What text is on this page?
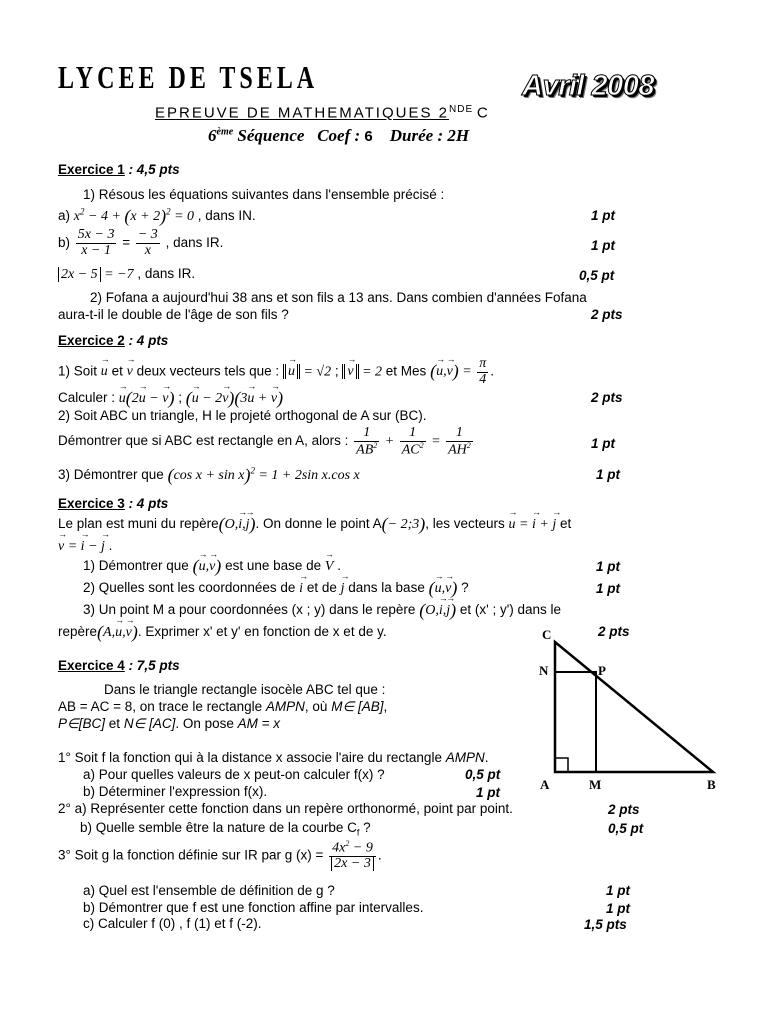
LYCEE DE TSELA	Avril 2008
EPREUVE DE MATHEMATIQUES 2NDE C
6ème Séquence   Coef : 6 Durée : 2H
Exercice 1 : 4,5 pts
1) Résous les équations suivantes dans l'ensemble précisé :
a) $x^2 - 4 + (x + 2)^2 = 0$ , dans IN.	1 pt
$b) \frac{5x - 3}{x - 1} = \frac{- 3}{x}$ , dans IR.	1 pt
2x − 5 = −7 , dans IR.	0,5 pt
2) Fofana a aujourd'hui 38 ans et son fils a 13 ans. Dans combien d'années Fofana
aura-t-il le double de l'âge de son fils ?	2 pts
Exercice 2 : 4 pts
1) Soit → u et → v deux vecteurs tels que : → u = √2 ; → v = 2 et Mes (→ $u,\to v) = \frac{\pi}{4}$ .
Calculer : → u(2→ u − → v) ; (→ u − 2→ v)(3→ u + → v)	2 pts
2) Soit ABC un triangle, H le projeté orthogonal de A sur (BC).
Démontrer que si ABC est rectangle en A, alors : $\frac{1}{AB^2} + \frac{1}{AC^2} = \frac{1}{AH^2}$	1 pt
3) Démontrer que (cos x + sin x)$^2$ = 1 + 2sin x.cos x	1 pt
Exercice 3 : 4 pts
Le plan est muni du repère(O,→ i,→ j). On donne le point A(− 2;3), les vecteurs → u = → i + → j et
→ v = → i − → j .
1) Démontrer que (→ u,→ v) est une base de → V .	1 pt
2) Quelles sont les coordonnées de → i et de → j dans la base (→ u,→ v) ?	1 pt
3) Un point M a pour coordonnées (x ; y) dans le repère (O,→ i,→ j) et (x' ; y') dans le
repère(A,→ u,→ v). Exprimer x' et y' en fonction de x et de y.	2 pts
Exercice 4 : 7,5 pts
Dans le triangle rectangle isocèle ABC tel que :
AB = AC = 8, on trace le rectangle AMPN, où M∈ [AB],
P∈[BC] et N∈ [AC]. On pose AM = x
1° Soit f la fonction qui à la distance x associe l'aire du rectangle AMPN.
a) Pour quelles valeurs de x peut-on calculer f(x) ?	0,5 pt
b) Déterminer l'expression f(x).	1 pt
2° a) Représenter cette fonction dans un repère orthonormé, point par point.	2 pts
b) Quelle semble être la nature de la courbe $C_f$ ?	0,5 pt
3° Soit g la fonction définie sur IR par g $(x) = \frac{4x^2 - 9}{2x - 3}$ .
a) Quel est l'ensemble de définition de g ?	1 pt
b) Démontrer que f est une fonction affine par intervalles.	1 pt
c) Calculer f (0) , f (1) et f (-2).	1,5 pts
C
N	P
A	M	B
